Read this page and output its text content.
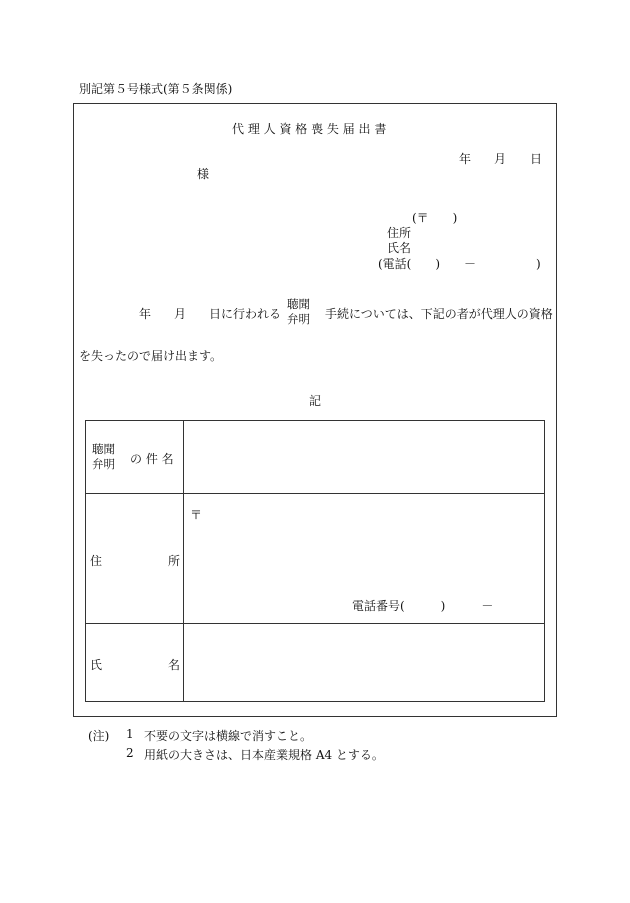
別記第５号様式(第５条関係)
代 理 人 資 格 喪 失 届 出 書
年 月 日
様
(〒　　)
住所
氏名
(電話(　　)　　－　　　　　)
年 月 日に行われる
聴聞
弁明 手続については、下記の者が代理人の資格
を失ったので届け出ます。
記
聴聞
弁明 の 件 名
住	所
〒
電話番号(　　　)　　　－
氏	名
(注) 1 不要の文字は横線で消すこと。
2 用紙の大きさは、日本産業規格 A4 とする。
